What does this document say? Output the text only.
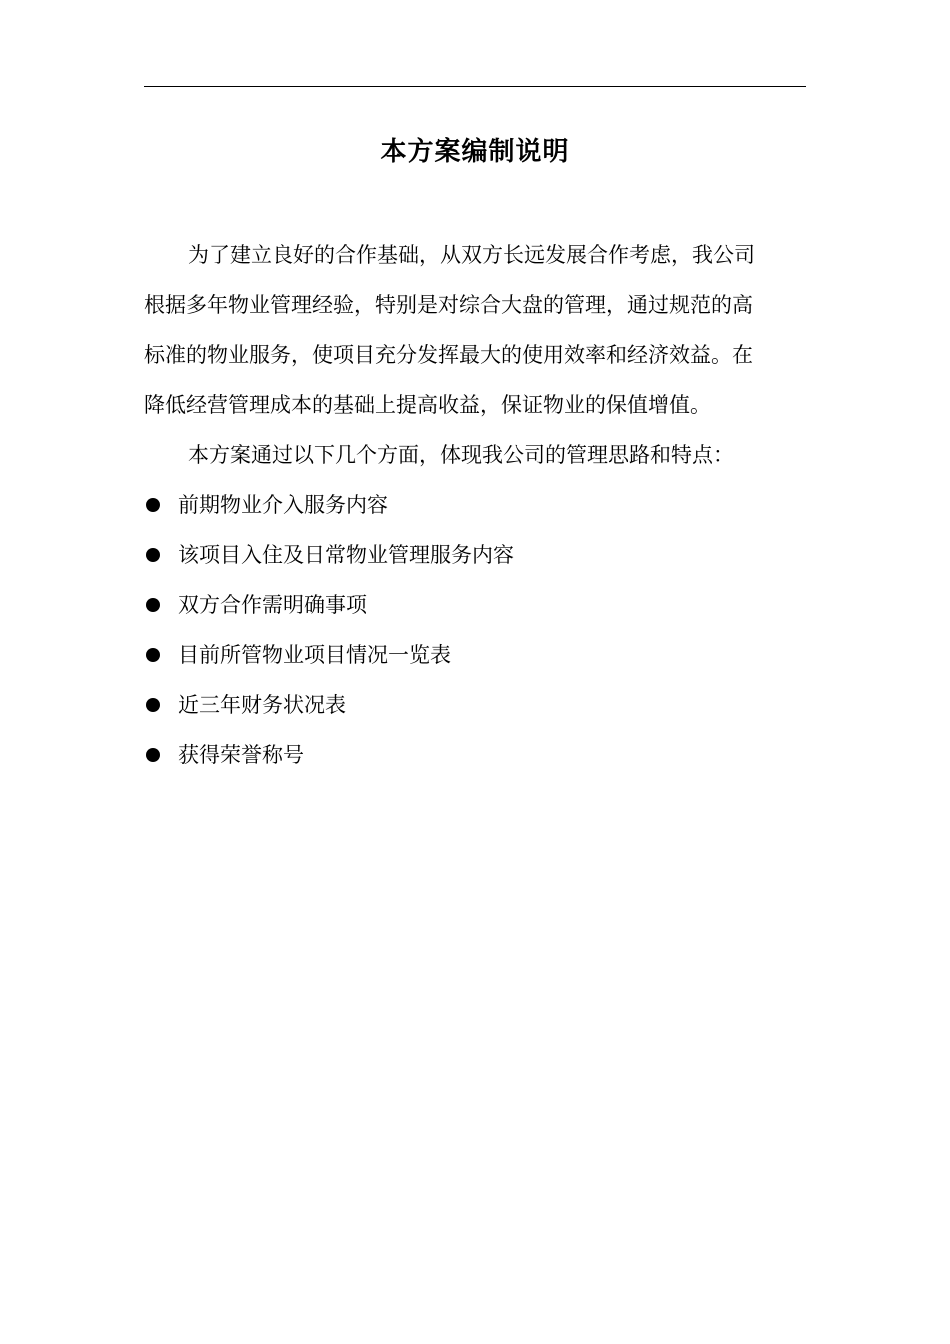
本方案编制说明

为了建立良好的合作基础，从双方长远发展合作考虑，我公司
根据多年物业管理经验，特别是对综合大盘的管理，通过规范的高
标准的物业服务，使项目充分发挥最大的使用效率和经济效益。在
降低经营管理成本的基础上提高收益，保证物业的保值增值。

本方案通过以下几个方面，体现我公司的管理思路和特点：

前期物业介入服务内容
该项目入住及日常物业管理服务内容
双方合作需明确事项
目前所管物业项目情况一览表
近三年财务状况表
获得荣誉称号
